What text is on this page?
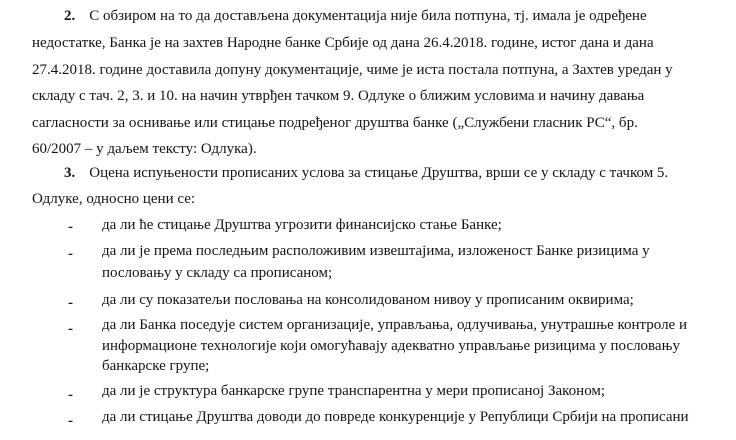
2. С обзиром на то да достављена документација није била потпуна, тј. имала је одређене
недостатке, Банка је на захтев Народне банке Србије од дана 26.4.2018. године, истог дана и дана
27.4.2018. године доставила допуну документације, чиме је иста постала потпуна, а Захтев уредан у
складу с тач. 2, 3. и 10. на начин утврђен тачком 9. Одлуке о ближим условима и начину давања
сагласности за оснивање или стицање подређеног друштва банке („Службени гласник РС“, бр.
60/2007 – у даљем тексту: Одлука).
3. Оцена испуњености прописаних услова за стицање Друштва, врши се у складу с тачком 5.
Одлуке, односно цени се:
- да ли ће стицање Друштва угрозити финансијско стање Банке;
- да ли је према последњим расположивим извештајима, изложеност Банке ризицима у
пословању у складу са прописаном;
- да ли су показатељи пословања на консолидованом нивоу у прописаним оквирима;
- да ли Банка поседује систем организације, управљања, одлучивања, унутрашње контроле и
информационе технологије који омогућавају адекватно управљање ризицима у пословању
банкарске групе;
- да ли је структура банкарске групе транспарентна у мери прописаној Законом;
- да ли стицање Друштва доводи до повреде конкуренције у Републици Србији на прописани
